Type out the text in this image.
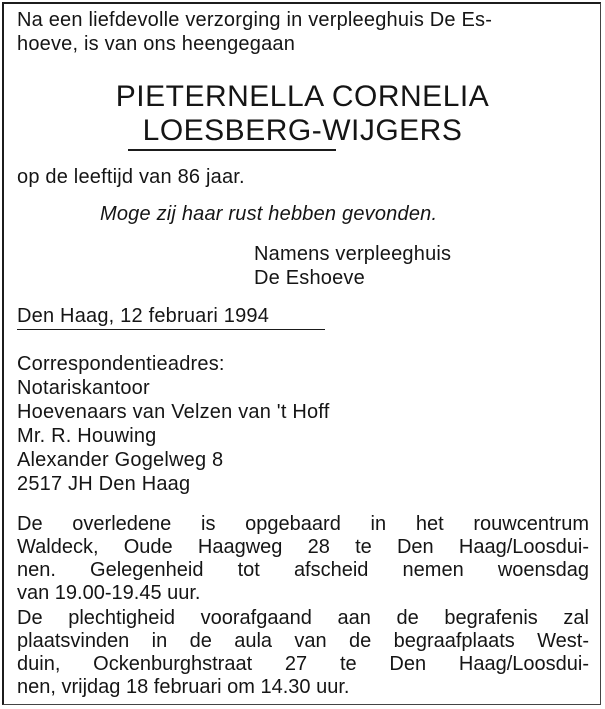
Na een liefdevolle verzorging in verpleeghuis De Es-
hoeve, is van ons heengegaan
PIETERNELLA CORNELIA
LOESBERG-WIJGERS
op de leeftijd van 86 jaar.
Moge zij haar rust hebben gevonden.
Namens verpleeghuis
De Eshoeve
Den Haag, 12 februari 1994
Correspondentieadres:
Notariskantoor
Hoevenaars van Velzen van 't Hoff
Mr. R. Houwing
Alexander Gogelweg 8
2517 JH Den Haag
De overledene is opgebaard in het rouwcentrum
Waldeck, Oude Haagweg 28 te Den Haag/Loosdui-
nen. Gelegenheid tot afscheid nemen woensdag
van 19.00-19.45 uur.
De plechtigheid voorafgaand aan de begrafenis zal
plaatsvinden in de aula van de begraafplaats West-
duin, Ockenburghstraat 27 te Den Haag/Loosdui-
nen, vrijdag 18 februari om 14.30 uur.
